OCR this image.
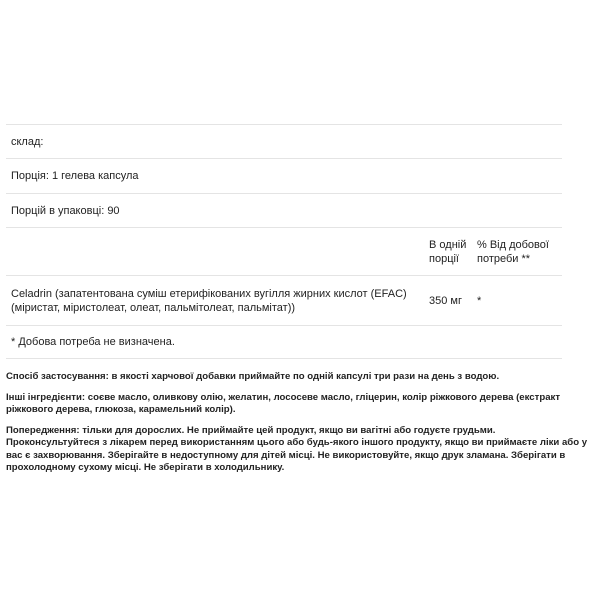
склад:
Порція: 1 гелева капсула
Порцій в упаковці: 90
В одній
порції
% Від добової
потреби **
Celadrin (запатентована суміш етерифікованих вугілля жирних кислот (EFAC)
(міристат, міристолеат, олеат, пальмітолеат, пальмітат))
350 мг	*
* Добова потреба не визначена.

Спосіб застосування: в якості харчової добавки приймайте по одній капсулі три рази на день з водою.

Інші інгредієнти: соєве масло, оливкову олію, желатин, лососеве масло, гліцерин, колір ріжкового дерева (екстракт ріжкового дерева, глюкоза, карамельний колір).

Попередження: тільки для дорослих. Не приймайте цей продукт, якщо ви вагітні або годуєте грудьми. Проконсультуйтеся з лікарем перед використанням цього або будь-якого іншого продукту, якщо ви приймаєте ліки або у вас є захворювання. Зберігайте в недоступному для дітей місці. Не використовуйте, якщо друк зламана. Зберігати в прохолодному сухому місці. Не зберігати в холодильнику.
